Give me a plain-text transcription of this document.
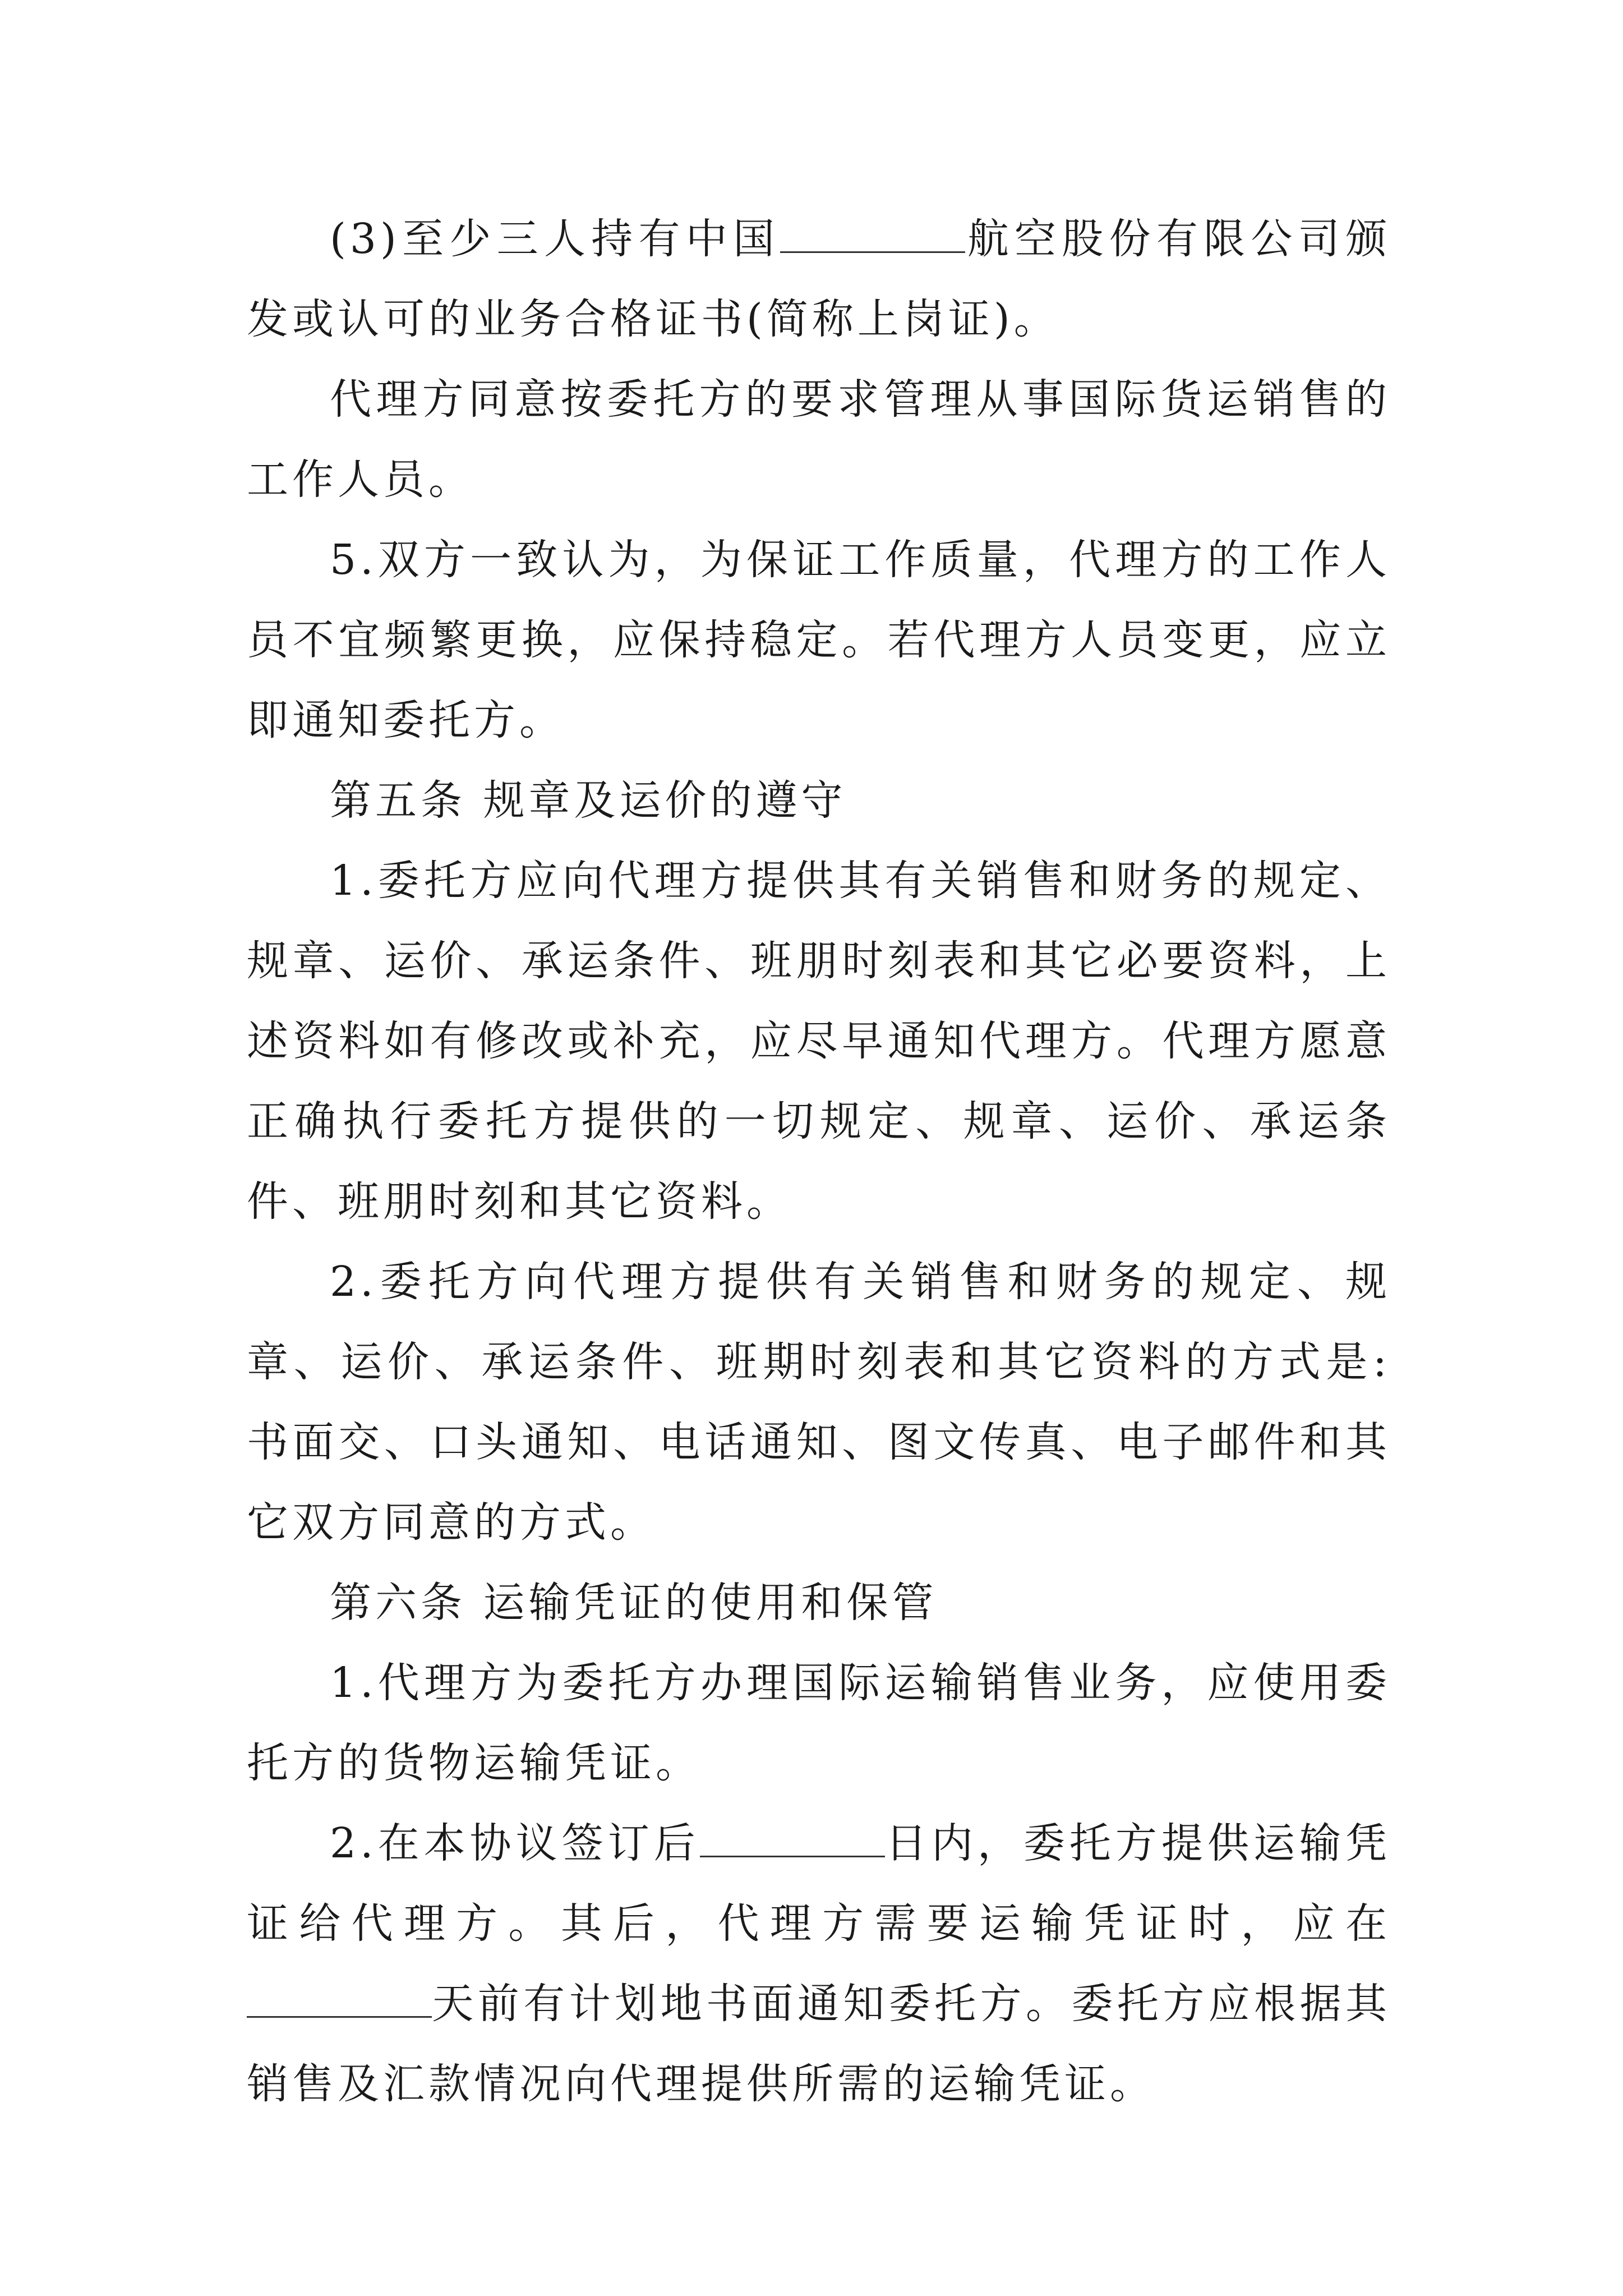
(3)至少三人持有中国	航空股份有限公司颁发或认可的业务合格证书(简称上岗证)。

代理方同意按委托方的要求管理从事国际货运销售的工作人员。

5.双方一致认为，为保证工作质量，代理方的工作人员不宜频繁更换，应保持稳定。若代理方人员变更，应立即通知委托方。

第五条 规章及运价的遵守

1.委托方应向代理方提供其有关销售和财务的规定、规章、运价、承运条件、班朋时刻表和其它必要资料，上述资料如有修改或补充，应尽早通知代理方。代理方愿意正确执行委托方提供的一切规定、规章、运价、承运条件、班朋时刻和其它资料。

2.委托方向代理方提供有关销售和财务的规定、规章、运价、承运条件、班期时刻表和其它资料的方式是:书面交、口头通知、电话通知、图文传真、电子邮件和其它双方同意的方式。

第六条 运输凭证的使用和保管

1.代理方为委托方办理国际运输销售业务，应使用委托方的货物运输凭证。

2.在本协议签订后	日内，委托方提供运输凭证给代理方。其后，代理方需要运输凭证时，应在天前有计划地书面通知委托方。委托方应根据其销售及汇款情况向代理提供所需的运输凭证。
